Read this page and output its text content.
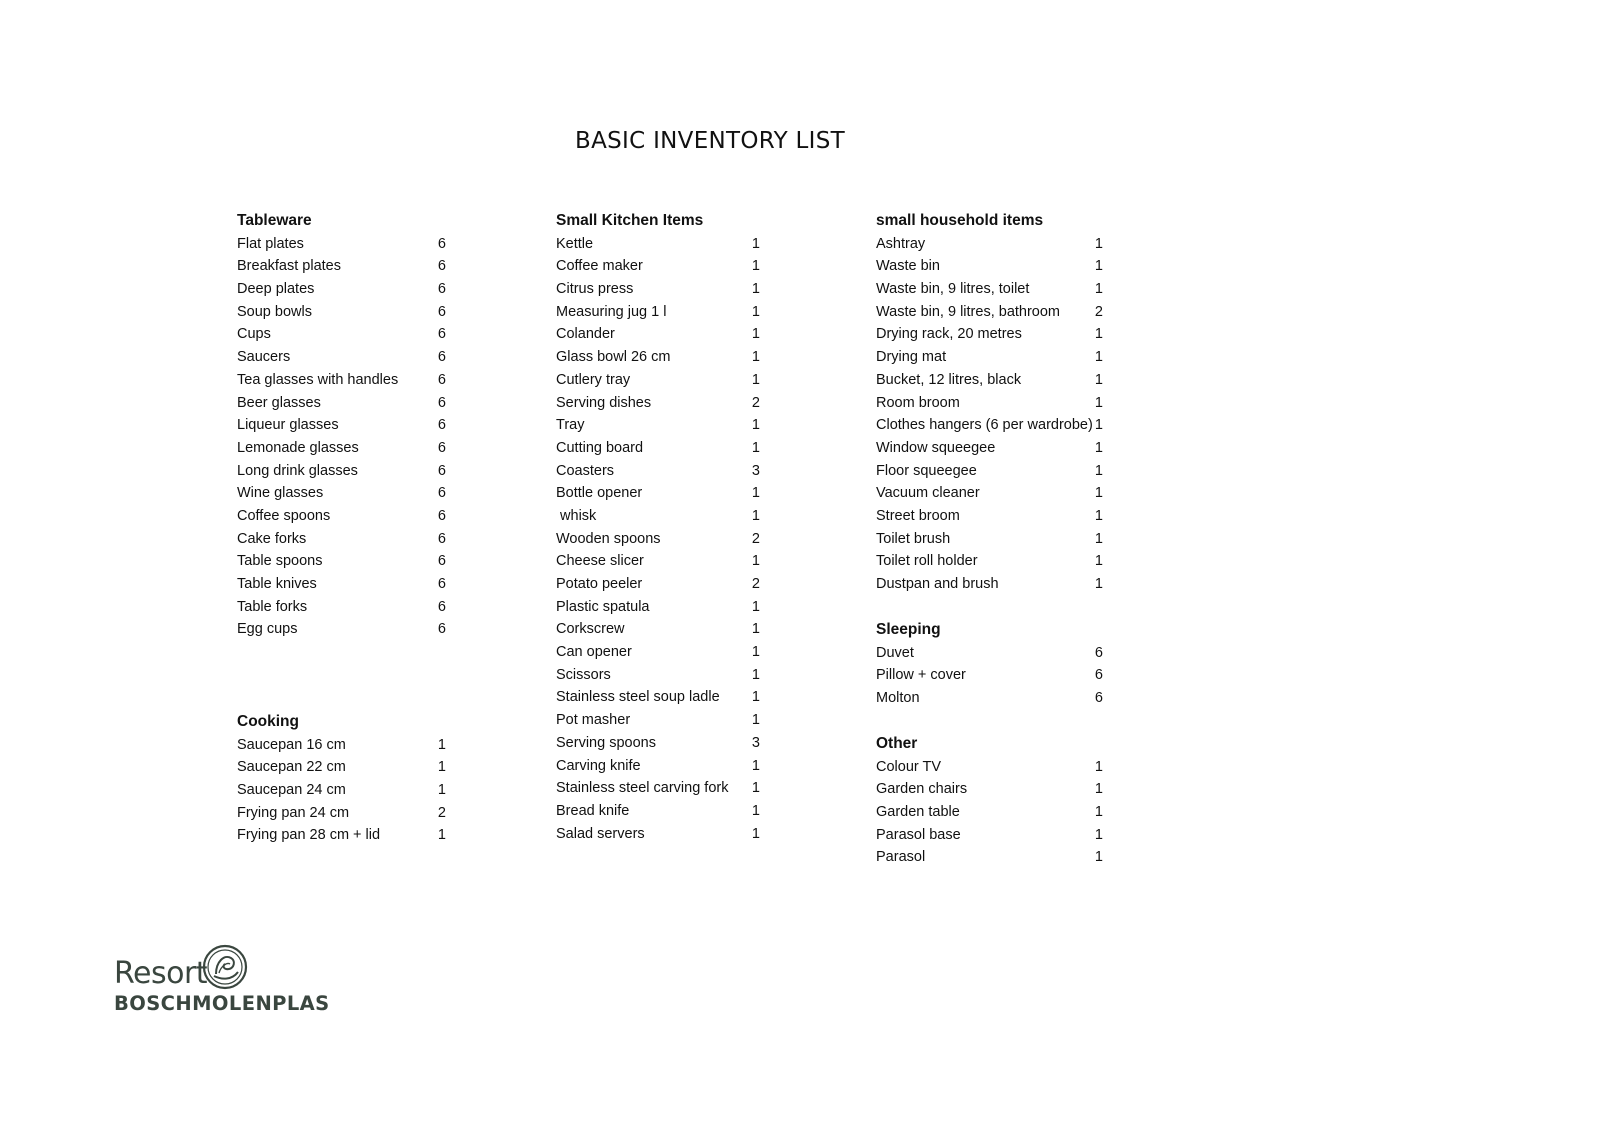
BASIC INVENTORY LIST
Tableware
Flat plates	6
Breakfast plates	6
Deep plates	6
Soup bowls	6
Cups	6
Saucers	6
Tea glasses with handles	6
Beer glasses	6
Liqueur glasses	6
Lemonade glasses	6
Long drink glasses	6
Wine glasses	6
Coffee spoons	6
Cake forks	6
Table spoons	6
Table knives	6
Table forks	6
Egg cups	6
Cooking
Saucepan 16 cm	1
Saucepan 22 cm	1
Saucepan 24 cm	1
Frying pan 24 cm	2
Frying pan 28 cm + lid	1
Small Kitchen Items
Kettle	1
Coffee maker	1
Citrus press	1
Measuring jug 1 l	1
Colander	1
Glass bowl 26 cm	1
Cutlery tray	1
Serving dishes	2
Tray	1
Cutting board	1
Coasters	3
Bottle opener	1
whisk	1
Wooden spoons	2
Cheese slicer	1
Potato peeler	2
Plastic spatula	1
Corkscrew	1
Can opener	1
Scissors	1
Stainless steel soup ladle	1
Pot masher	1
Serving spoons	3
Carving knife	1
Stainless steel carving fork	1
Bread knife	1
Salad servers	1
small household items
Ashtray	1
Waste bin	1
Waste bin, 9 litres, toilet	1
Waste bin, 9 litres, bathroom	2
Drying rack, 20 metres	1
Drying mat	1
Bucket, 12 litres, black	1
Room broom	1
Clothes hangers (6 per wardrobe) 1
Window squeegee	1
Floor squeegee	1
Vacuum cleaner	1
Street broom	1
Toilet brush	1
Toilet roll holder	1
Dustpan and brush	1
Sleeping
Duvet	6
Pillow + cover	6
Molton	6
Other
Colour TV	1
Garden chairs	1
Garden table	1
Parasol base	1
Parasol	1
Resort
BOSCHMOLENPLAS
